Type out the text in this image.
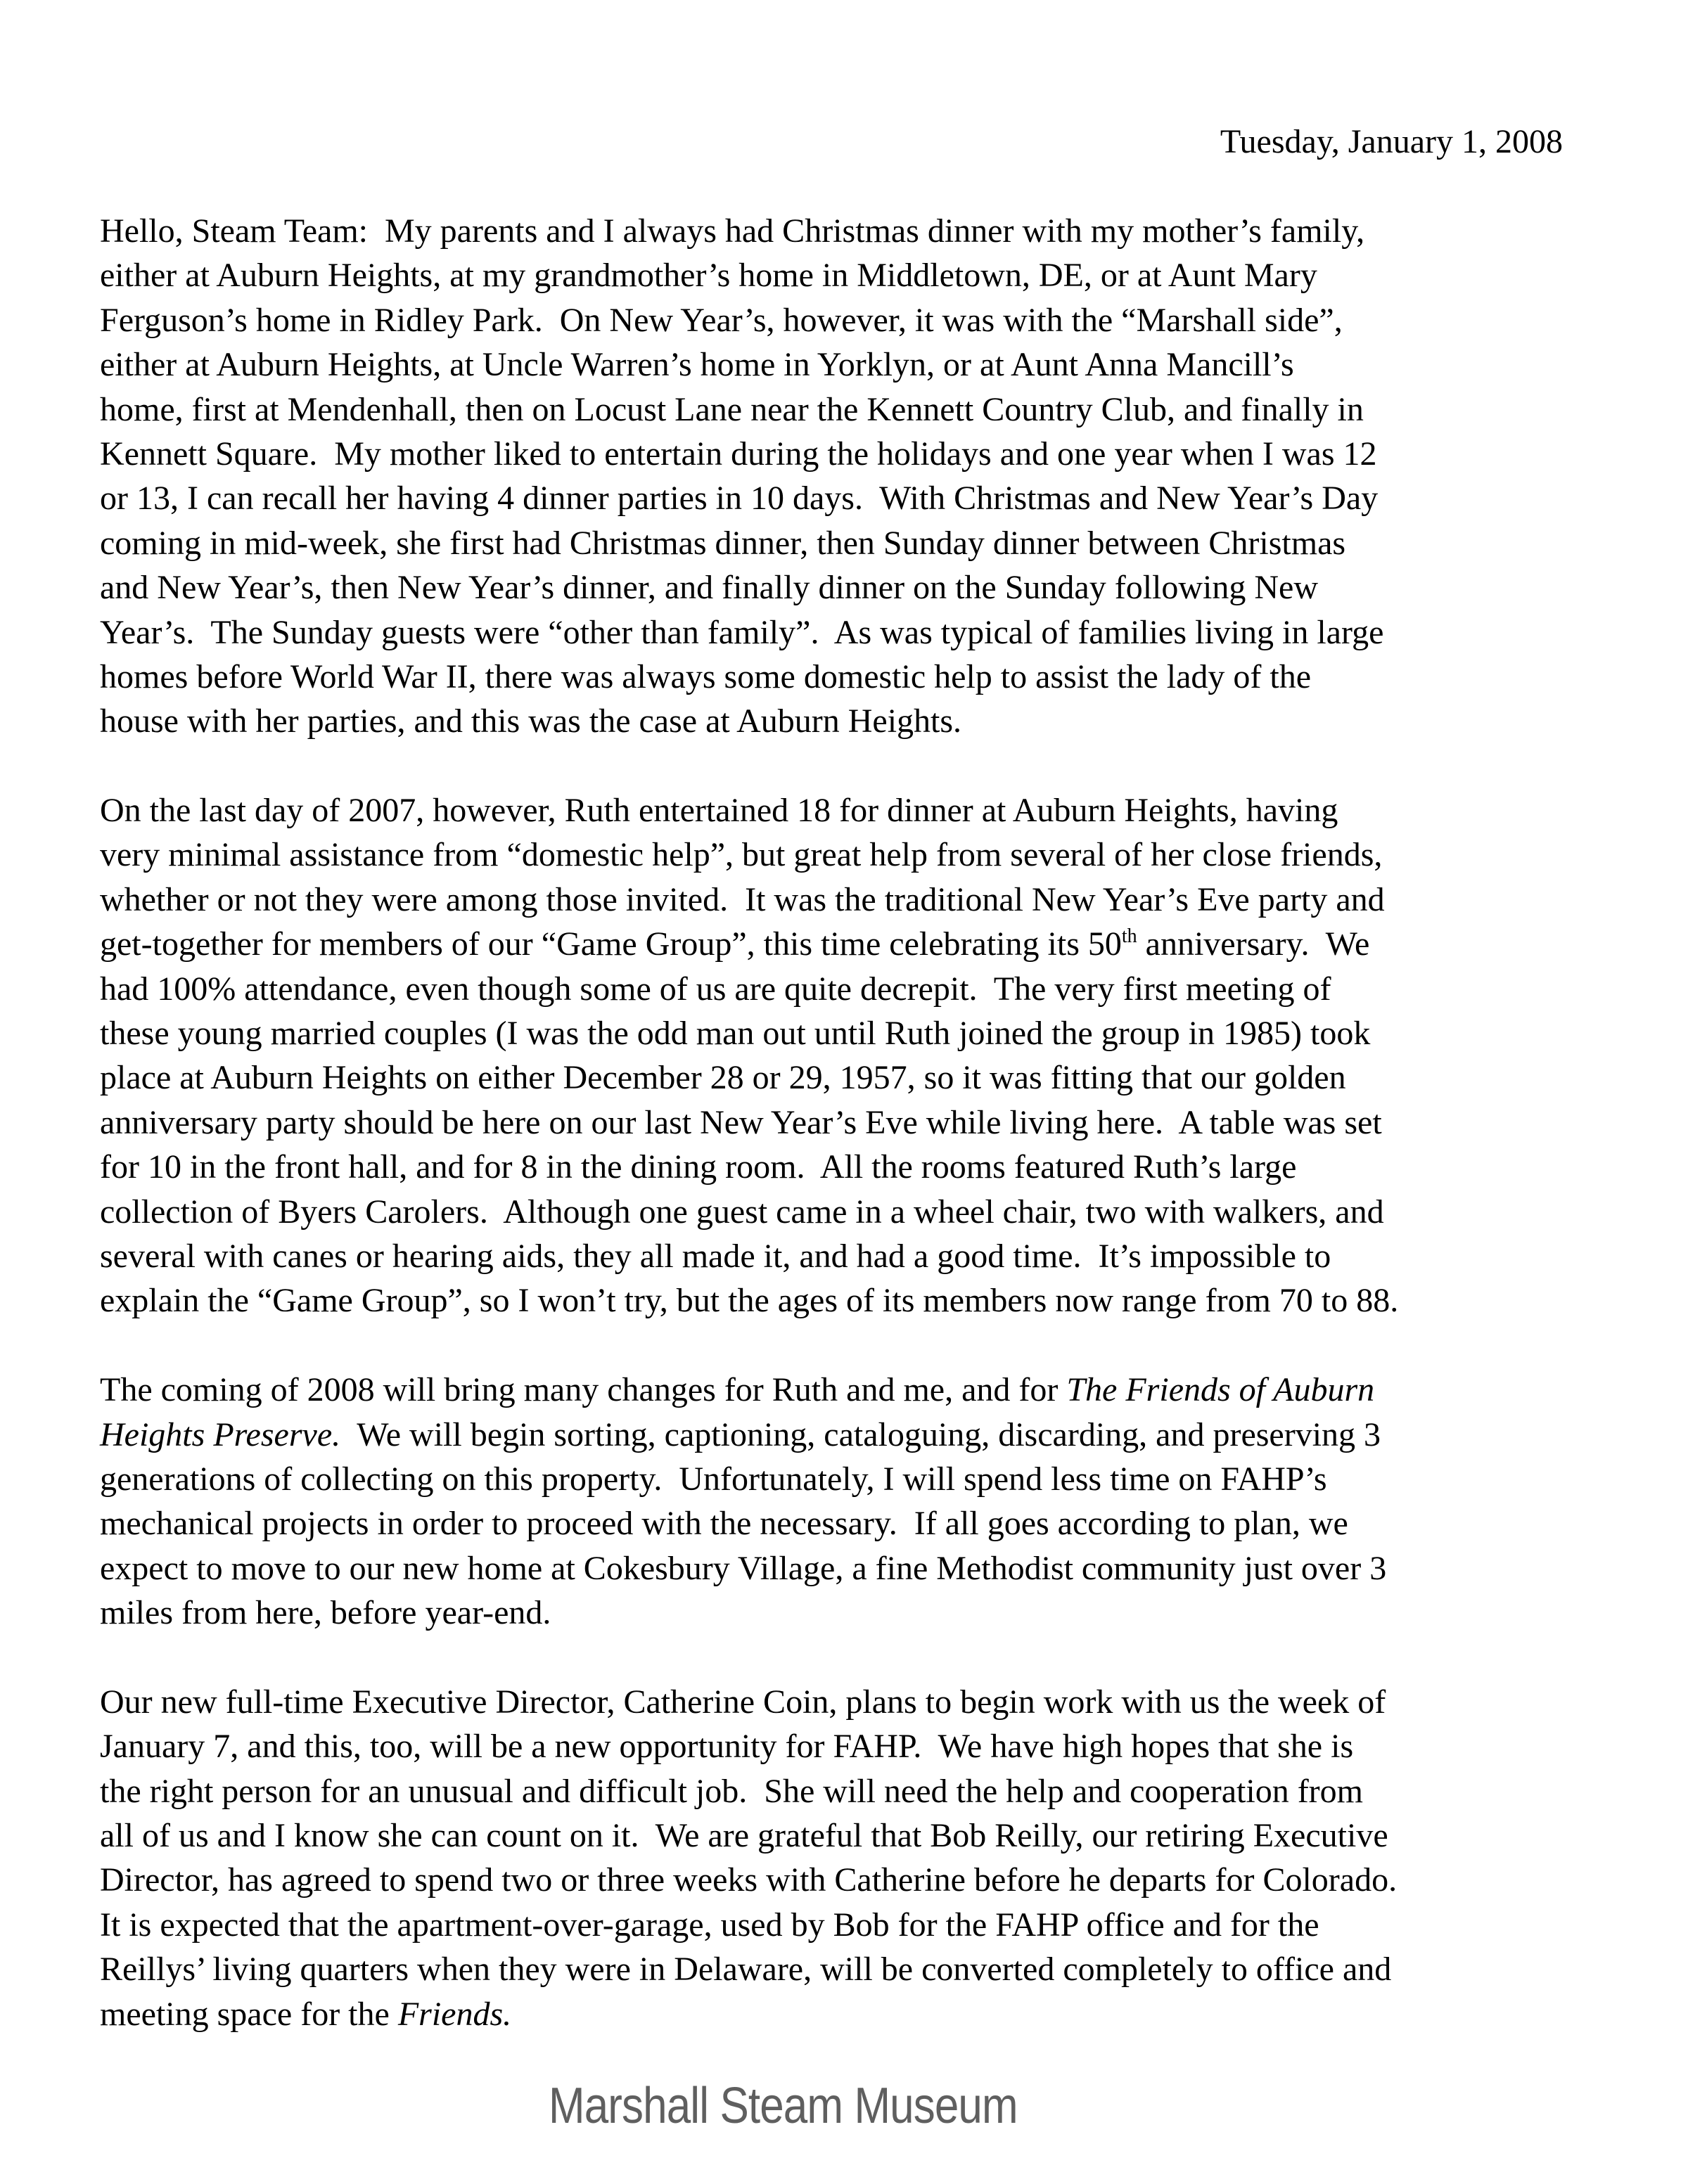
Tuesday, January 1, 2008
Hello, Steam Team:  My parents and I always had Christmas dinner with my mother’s family,
either at Auburn Heights, at my grandmother’s home in Middletown, DE, or at Aunt Mary
Ferguson’s home in Ridley Park.  On New Year’s, however, it was with the “Marshall side”,
either at Auburn Heights, at Uncle Warren’s home in Yorklyn, or at Aunt Anna Mancill’s
home, first at Mendenhall, then on Locust Lane near the Kennett Country Club, and finally in
Kennett Square.  My mother liked to entertain during the holidays and one year when I was 12
or 13, I can recall her having 4 dinner parties in 10 days.  With Christmas and New Year’s Day
coming in mid-week, she first had Christmas dinner, then Sunday dinner between Christmas
and New Year’s, then New Year’s dinner, and finally dinner on the Sunday following New
Year’s.  The Sunday guests were “other than family”.  As was typical of families living in large
homes before World War II, there was always some domestic help to assist the lady of the
house with her parties, and this was the case at Auburn Heights.
On the last day of 2007, however, Ruth entertained 18 for dinner at Auburn Heights, having
very minimal assistance from “domestic help”, but great help from several of her close friends,
whether or not they were among those invited.  It was the traditional New Year’s Eve party and
get-together for members of our “Game Group”, this time celebrating its 50th anniversary.  We
had 100% attendance, even though some of us are quite decrepit.  The very first meeting of
these young married couples (I was the odd man out until Ruth joined the group in 1985) took
place at Auburn Heights on either December 28 or 29, 1957, so it was fitting that our golden
anniversary party should be here on our last New Year’s Eve while living here.  A table was set
for 10 in the front hall, and for 8 in the dining room.  All the rooms featured Ruth’s large
collection of Byers Carolers.  Although one guest came in a wheel chair, two with walkers, and
several with canes or hearing aids, they all made it, and had a good time.  It’s impossible to
explain the “Game Group”, so I won’t try, but the ages of its members now range from 70 to 88.
The coming of 2008 will bring many changes for Ruth and me, and for The Friends of Auburn
Heights Preserve.  We will begin sorting, captioning, cataloguing, discarding, and preserving 3
generations of collecting on this property.  Unfortunately, I will spend less time on FAHP’s
mechanical projects in order to proceed with the necessary.  If all goes according to plan, we
expect to move to our new home at Cokesbury Village, a fine Methodist community just over 3
miles from here, before year-end.
Our new full-time Executive Director, Catherine Coin, plans to begin work with us the week of
January 7, and this, too, will be a new opportunity for FAHP.  We have high hopes that she is
the right person for an unusual and difficult job.  She will need the help and cooperation from
all of us and I know she can count on it.  We are grateful that Bob Reilly, our retiring Executive
Director, has agreed to spend two or three weeks with Catherine before he departs for Colorado.
It is expected that the apartment-over-garage, used by Bob for the FAHP office and for the
Reillys’ living quarters when they were in Delaware, will be converted completely to office and
meeting space for the Friends.
Marshall Steam Museum
